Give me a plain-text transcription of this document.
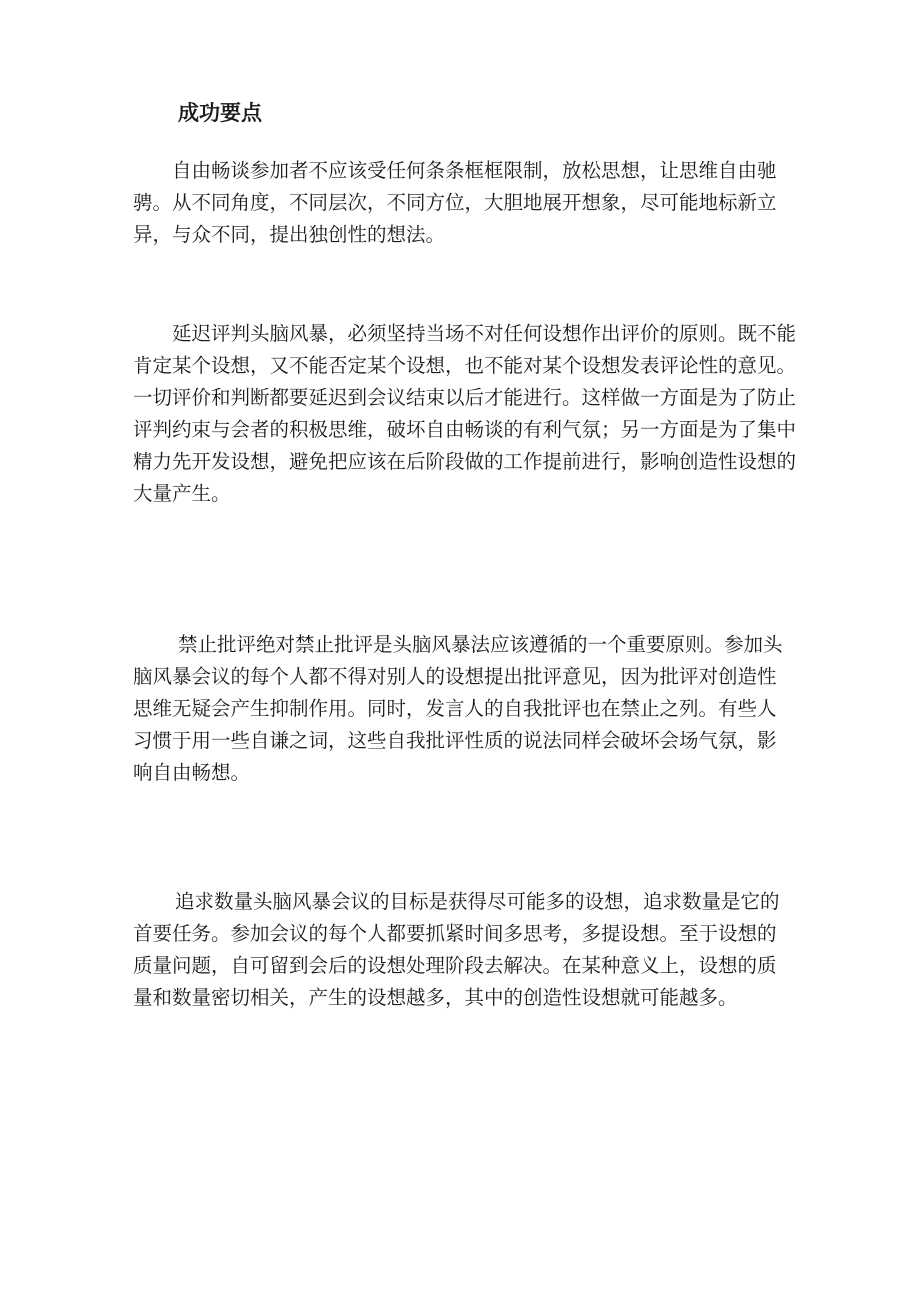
成功要点
自由畅谈参加者不应该受任何条条框框限制，放松思想，让思维自由驰
骋。从不同角度，不同层次，不同方位，大胆地展开想象，尽可能地标新立
异，与众不同，提出独创性的想法。
延迟评判头脑风暴，必须坚持当场不对任何设想作出评价的原则。既不能
肯定某个设想，又不能否定某个设想，也不能对某个设想发表评论性的意见。
一切评价和判断都要延迟到会议结束以后才能进行。这样做一方面是为了防止
评判约束与会者的积极思维，破坏自由畅谈的有利气氛；另一方面是为了集中
精力先开发设想，避免把应该在后阶段做的工作提前进行，影响创造性设想的
大量产生。
禁止批评绝对禁止批评是头脑风暴法应该遵循的一个重要原则。参加头
脑风暴会议的每个人都不得对别人的设想提出批评意见，因为批评对创造性
思维无疑会产生抑制作用。同时，发言人的自我批评也在禁止之列。有些人
习惯于用一些自谦之词，这些自我批评性质的说法同样会破坏会场气氛，影
响自由畅想。
追求数量头脑风暴会议的目标是获得尽可能多的设想，追求数量是它的
首要任务。参加会议的每个人都要抓紧时间多思考，多提设想。至于设想的
质量问题，自可留到会后的设想处理阶段去解决。在某种意义上，设想的质
量和数量密切相关，产生的设想越多，其中的创造性设想就可能越多。
